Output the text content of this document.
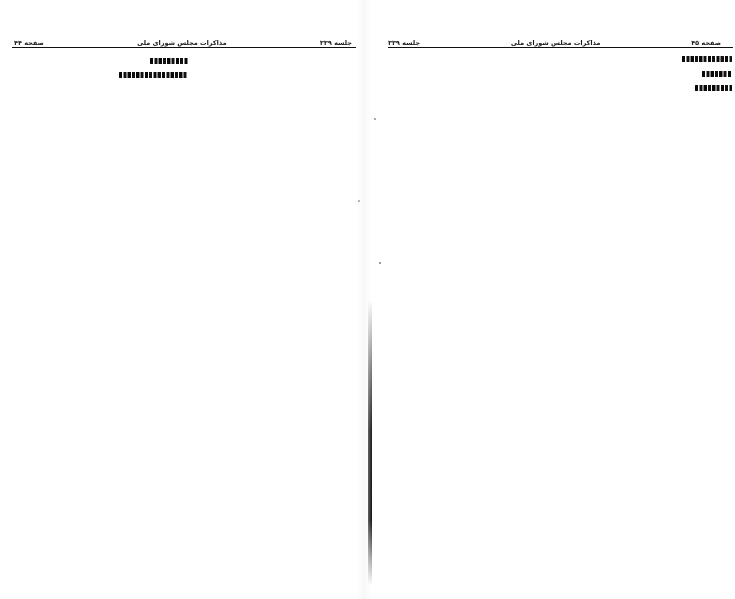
صفحه ۴۵
مذاکرات مجلس شورای ملی
جلسه ۳۳۹
جلسه ۳۳۹
مذاکرات مجلس شورای ملی
صفحه ۴۴
